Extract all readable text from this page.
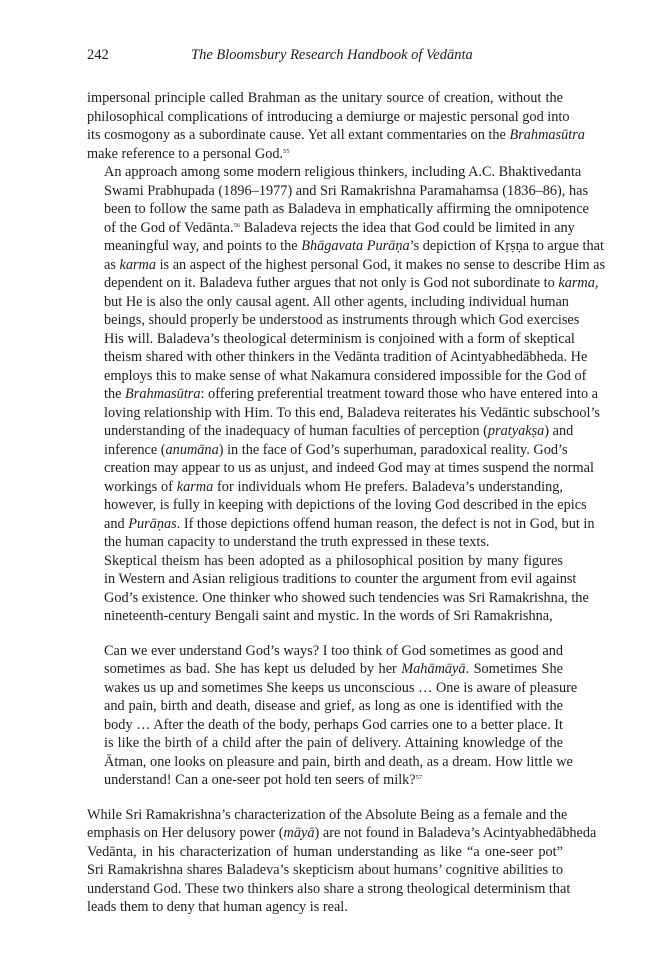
242	The Bloomsbury Research Handbook of Vedānta
impersonal principle called Brahman as the unitary source of creation, without the
philosophical complications of introducing a demiurge or majestic personal god into
its cosmogony as a subordinate cause. Yet all extant commentaries on the Brahmasūtra
make reference to a personal God.$^{55}$
An approach among some modern religious thinkers, including A.C. Bhaktivedanta
Swami Prabhupada (1896–1977) and Sri Ramakrishna Paramahamsa (1836–86), has
been to follow the same path as Baladeva in emphatically affirming the omnipotence
of the God of Vedānta.$^{56}$ Baladeva rejects the idea that God could be limited in any
meaningful way, and points to the Bhāgavata Purāṇa’s depiction of Kṛṣṇa to argue that
as karma is an aspect of the highest personal God, it makes no sense to describe Him as
dependent on it. Baladeva futher argues that not only is God not subordinate to karma,
but He is also the only causal agent. All other agents, including individual human
beings, should properly be understood as instruments through which God exercises
His will. Baladeva’s theological determinism is conjoined with a form of skeptical
theism shared with other thinkers in the Vedānta tradition of Acintyabhedābheda. He
employs this to make sense of what Nakamura considered impossible for the God of
the Brahmasūtra: offering preferential treatment toward those who have entered into a
loving relationship with Him. To this end, Baladeva reiterates his Vedāntic subschool’s
understanding of the inadequacy of human faculties of perception (pratyakṣa) and
inference (anumāna) in the face of God’s superhuman, paradoxical reality. God’s
creation may appear to us as unjust, and indeed God may at times suspend the normal
workings of karma for individuals whom He prefers. Baladeva’s understanding,
however, is fully in keeping with depictions of the loving God described in the epics
and Purāṇas. If those depictions offend human reason, the defect is not in God, but in
the human capacity to understand the truth expressed in these texts.
Skeptical theism has been adopted as a philosophical position by many figures
in Western and Asian religious traditions to counter the argument from evil against
God’s existence. One thinker who showed such tendencies was Sri Ramakrishna, the
nineteenth-century Bengali saint and mystic. In the words of Sri Ramakrishna,
Can we ever understand God’s ways? I too think of God sometimes as good and
sometimes as bad. She has kept us deluded by her Mahāmāyā. Sometimes She
wakes us up and sometimes She keeps us unconscious … One is aware of pleasure
and pain, birth and death, disease and grief, as long as one is identified with the
body … After the death of the body, perhaps God carries one to a better place. It
is like the birth of a child after the pain of delivery. Attaining knowledge of the
Ātman, one looks on pleasure and pain, birth and death, as a dream. How little we
understand! Can a one-seer pot hold ten seers of milk?$^{57}$
While Sri Ramakrishna’s characterization of the Absolute Being as a female and the
emphasis on Her delusory power (māyā) are not found in Baladeva’s Acintyabhedābheda
Vedānta, in his characterization of human understanding as like “a one-seer pot”
Sri Ramakrishna shares Baladeva’s skepticism about humans’ cognitive abilities to
understand God. These two thinkers also share a strong theological determinism that
leads them to deny that human agency is real.
